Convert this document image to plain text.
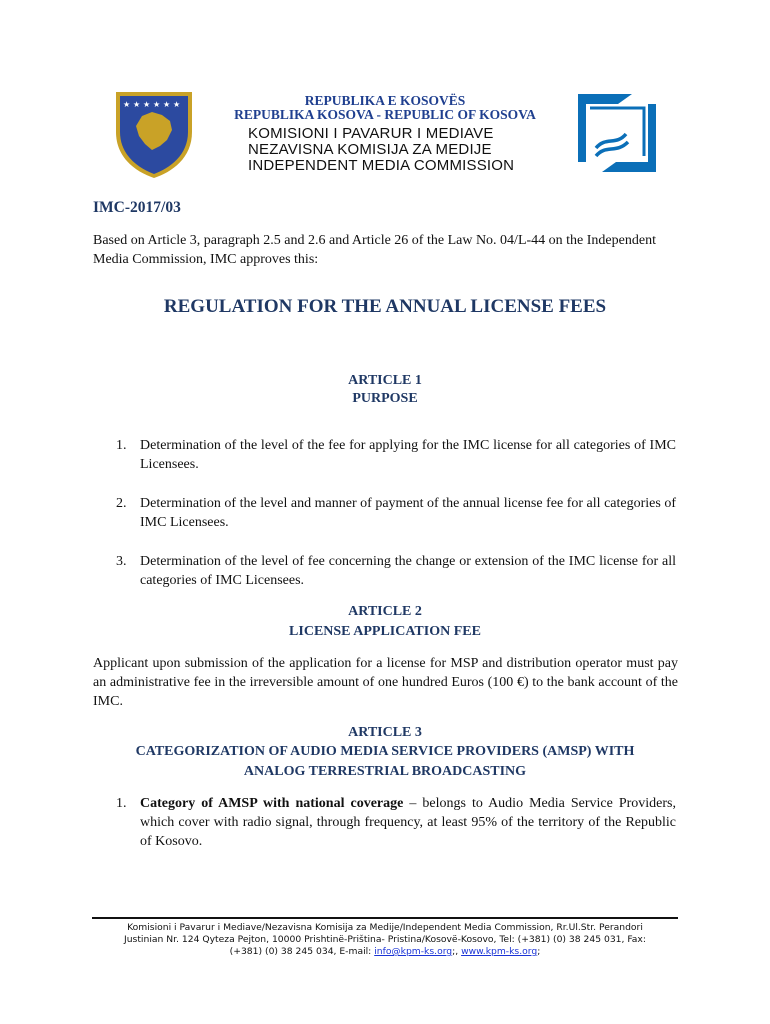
★ ★ ★ ★ ★ ★	REPUBLIKA E KOSOVËS
REPUBLIKA KOSOVA - REPUBLIC OF KOSOVA
KOMISIONI I PAVARUR I MEDIAVE
NEZAVISNA KOMISIJA ZA MEDIJE
INDEPENDENT MEDIA COMMISSION
IMC-2017/03
Based on Article 3, paragraph 2.5 and 2.6 and Article 26 of the Law No. 04/L-44 on the Independent Media Commission, IMC approves this:
REGULATION FOR THE ANNUAL LICENSE FEES
ARTICLE 1
PURPOSE
1. Determination of the level of the fee for applying for the IMC license for all categories of IMC Licensees.
2. Determination of the level and manner of payment of the annual license fee for all categories of IMC Licensees.
3. Determination of the level of fee concerning the change or extension of the IMC license for all categories of IMC Licensees.
ARTICLE 2
LICENSE APPLICATION FEE
Applicant upon submission of the application for a license for MSP and distribution operator must pay an administrative fee in the irreversible amount of one hundred Euros (100 €) to the bank account of the IMC.
ARTICLE 3
CATEGORIZATION OF AUDIO MEDIA SERVICE PROVIDERS (AMSP) WITH
ANALOG TERRESTRIAL BROADCASTING
1. Category of AMSP with national coverage – belongs to Audio Media Service Providers, which cover with radio signal, through frequency, at least 95% of the territory of the Republic of Kosovo.
Komisioni i Pavarur i Mediave/Nezavisna Komisija za Medije/Independent Media Commission, Rr.Ul.Str. Perandori
Justinian Nr. 124 Qyteza Pejton, 10000 Prishtinë-Priština- Pristina/Kosovë-Kosovo, Tel: (+381) (0) 38 245 031, Fax:
(+381) (0) 38 245 034, E-mail: info@kpm-ks.org;, www.kpm-ks.org;
